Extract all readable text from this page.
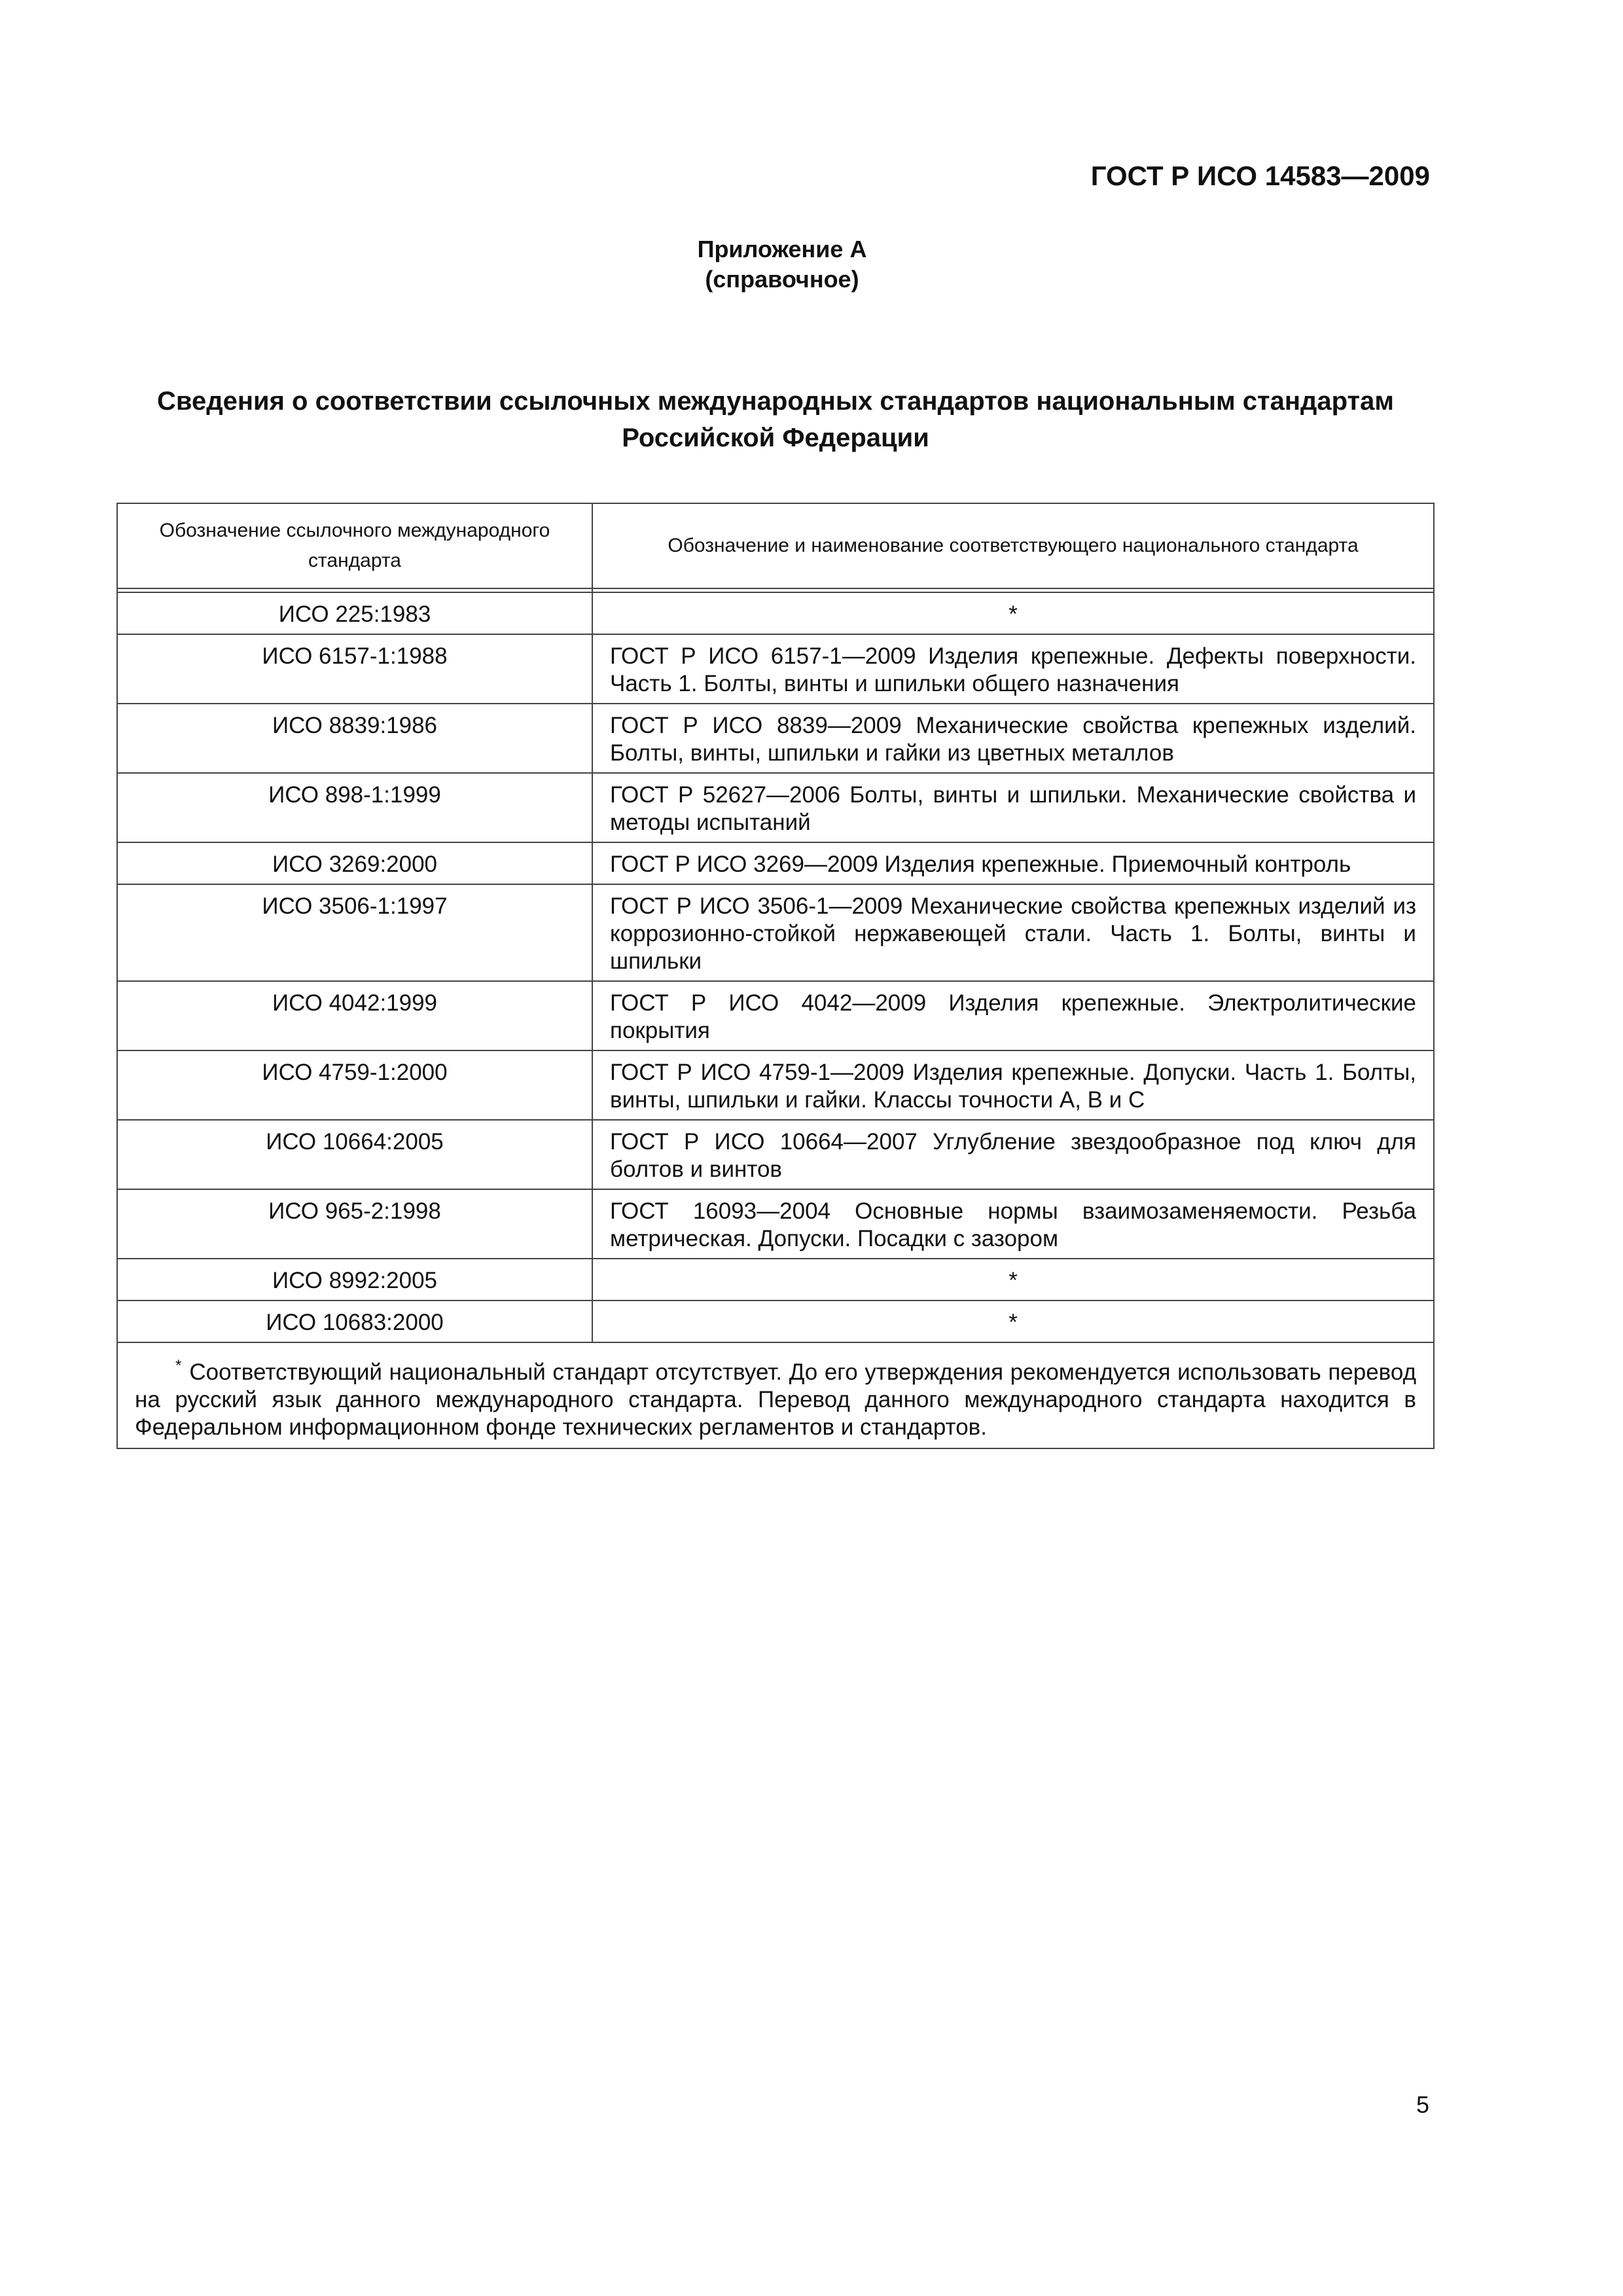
ГОСТ Р ИСО 14583—2009
Приложение А
(справочное)
Сведения о соответствии ссылочных международных стандартов национальным стандартам
Российской Федерации
Обозначение ссылочного международного стандарта	Обозначение и наименование соответствующего национального стандарта

ИСО 225:1983	*
ИСО 6157-1:1988	ГОСТ Р ИСО 6157-1—2009 Изделия крепежные. Дефекты поверхности. Часть 1. Болты, винты и шпильки общего назначения
ИСО 8839:1986	ГОСТ Р ИСО 8839—2009 Механические свойства крепежных изделий. Болты, винты, шпильки и гайки из цветных металлов
ИСО 898-1:1999	ГОСТ Р 52627—2006 Болты, винты и шпильки. Механические свойства и методы испытаний
ИСО 3269:2000	ГОСТ Р ИСО 3269—2009 Изделия крепежные. Приемочный контроль
ИСО 3506-1:1997	ГОСТ Р ИСО 3506-1—2009 Механические свойства крепежных изделий из коррозионно-стойкой нержавеющей стали. Часть 1. Болты, винты и шпильки
ИСО 4042:1999	ГОСТ Р ИСО 4042—2009 Изделия крепежные. Электролитические покрытия
ИСО 4759-1:2000	ГОСТ Р ИСО 4759-1—2009 Изделия крепежные. Допуски. Часть 1. Болты, винты, шпильки и гайки. Классы точности А, В и С
ИСО 10664:2005	ГОСТ Р ИСО 10664—2007 Углубление звездообразное под ключ для болтов и винтов
ИСО 965-2:1998	ГОСТ 16093—2004 Основные нормы взаимозаменяемости. Резьба метрическая. Допуски. Посадки с зазором
ИСО 8992:2005	*
ИСО 10683:2000	*
* Соответствующий национальный стандарт отсутствует. До его утверждения рекомендуется использовать перевод на русский язык данного международного стандарта. Перевод данного международного стандарта находится в Федеральном информационном фонде технических регламентов и стандартов.	
5
